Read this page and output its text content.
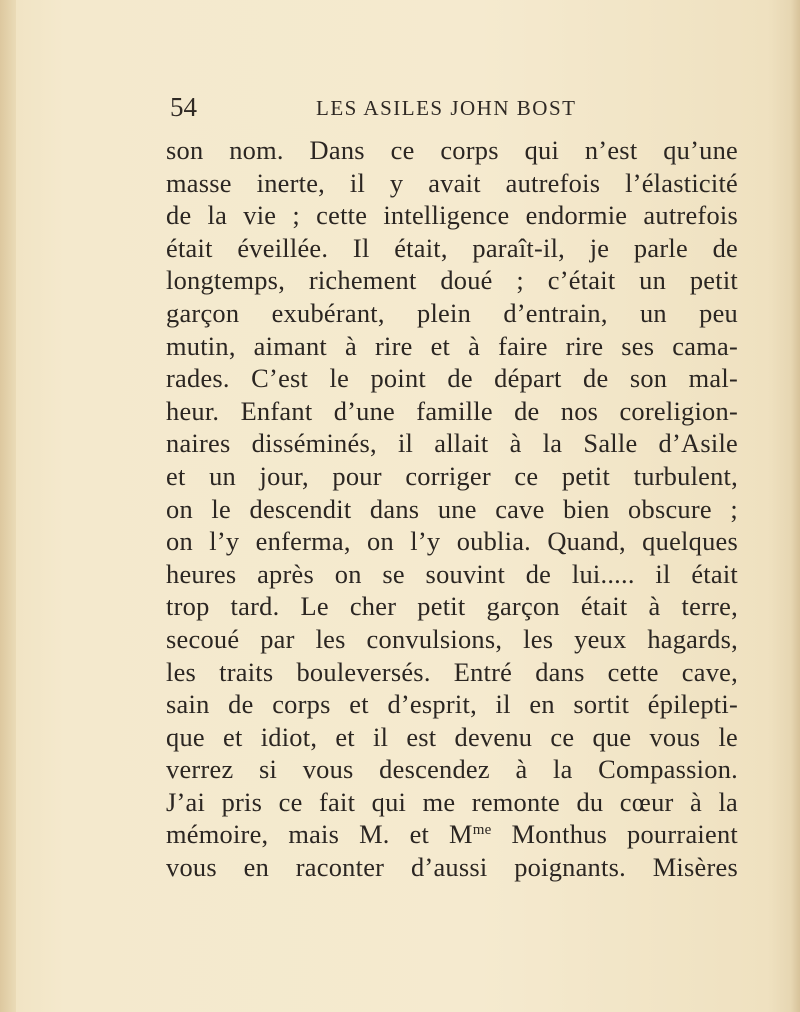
54	LES ASILES JOHN BOST
son nom. Dans ce corps qui n’est qu’une
masse inerte, il y avait autrefois l’élasticité
de la vie ; cette intelligence endormie autrefois
était éveillée. Il était, paraît-il, je parle de
longtemps, richement doué ; c’était un petit
garçon exubérant, plein d’entrain, un peu
mutin, aimant à rire et à faire rire ses cama-
rades. C’est le point de départ de son mal-
heur. Enfant d’une famille de nos coreligion-
naires disséminés, il allait à la Salle d’Asile
et un jour, pour corriger ce petit turbulent,
on le descendit dans une cave bien obscure ;
on l’y enferma, on l’y oublia. Quand, quelques
heures après on se souvint de lui..... il était
trop tard. Le cher petit garçon était à terre,
secoué par les convulsions, les yeux hagards,
les traits bouleversés. Entré dans cette cave,
sain de corps et d’esprit, il en sortit épilepti-
que et idiot, et il est devenu ce que vous le
verrez si vous descendez à la Compassion.
J’ai pris ce fait qui me remonte du cœur à la
mémoire, mais M. et $M^{me}$ Monthus pourraient
vous en raconter d’aussi poignants. Misères
